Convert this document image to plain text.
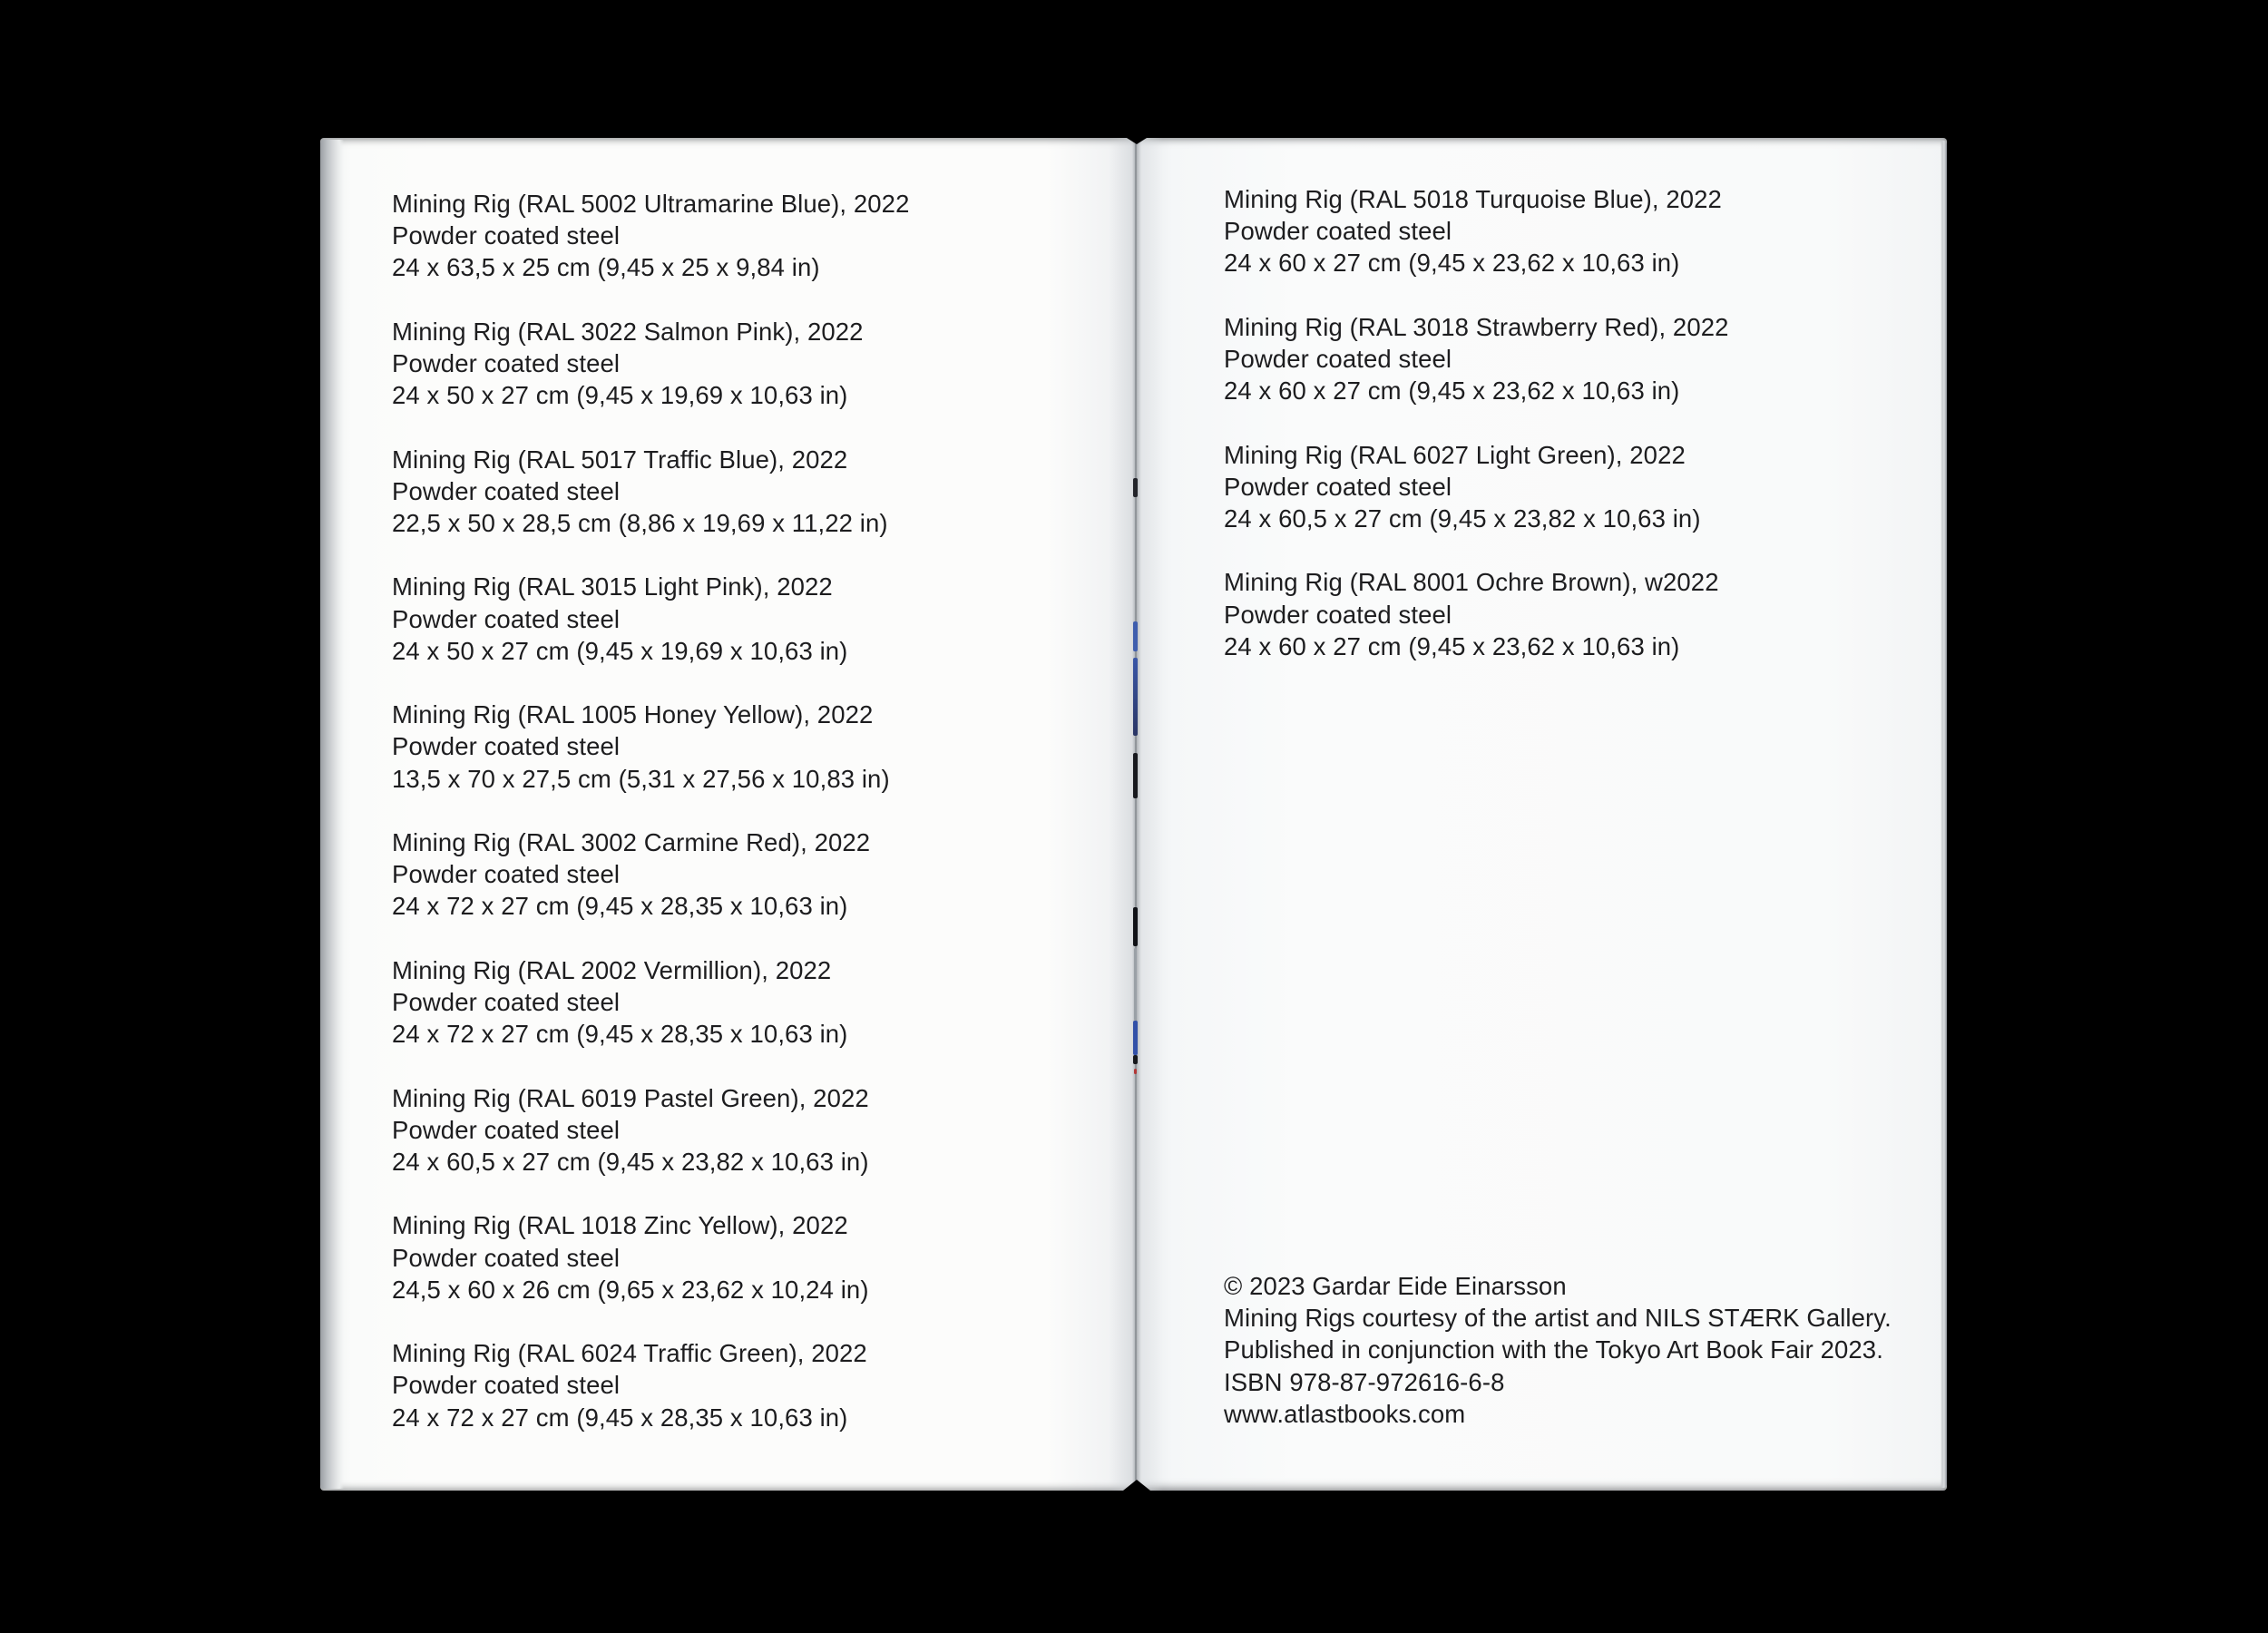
Mining Rig (RAL 5002 Ultramarine Blue), 2022
Powder coated steel
24 x 63,5 x 25 cm (9,45 x 25 x 9,84 in)
Mining Rig (RAL 3022 Salmon Pink), 2022
Powder coated steel
24 x 50 x 27 cm (9,45 x 19,69 x 10,63 in)
Mining Rig (RAL 5017 Traffic Blue), 2022
Powder coated steel
22,5 x 50 x 28,5 cm (8,86 x 19,69 x 11,22 in)
Mining Rig (RAL 3015 Light Pink), 2022
Powder coated steel
24 x 50 x 27 cm (9,45 x 19,69 x 10,63 in)
Mining Rig (RAL 1005 Honey Yellow), 2022
Powder coated steel
13,5 x 70 x 27,5 cm (5,31 x 27,56 x 10,83 in)
Mining Rig (RAL 3002 Carmine Red), 2022
Powder coated steel
24 x 72 x 27 cm (9,45 x 28,35 x 10,63 in)
Mining Rig (RAL 2002 Vermillion), 2022
Powder coated steel
24 x 72 x 27 cm (9,45 x 28,35 x 10,63 in)
Mining Rig (RAL 6019 Pastel Green), 2022
Powder coated steel
24 x 60,5 x 27 cm (9,45 x 23,82 x 10,63 in)
Mining Rig (RAL 1018 Zinc Yellow), 2022
Powder coated steel
24,5 x 60 x 26 cm (9,65 x 23,62 x 10,24 in)
Mining Rig (RAL 6024 Traffic Green), 2022
Powder coated steel
24 x 72 x 27 cm (9,45 x 28,35 x 10,63 in)
Mining Rig (RAL 5018 Turquoise Blue), 2022
Powder coated steel
24 x 60 x 27 cm (9,45 x 23,62 x 10,63 in)
Mining Rig (RAL 3018 Strawberry Red), 2022
Powder coated steel
24 x 60 x 27 cm (9,45 x 23,62 x 10,63 in)
Mining Rig (RAL 6027 Light Green), 2022
Powder coated steel
24 x 60,5 x 27 cm (9,45 x 23,82 x 10,63 in)
Mining Rig (RAL 8001 Ochre Brown), w2022
Powder coated steel
24 x 60 x 27 cm (9,45 x 23,62 x 10,63 in)
© 2023 Gardar Eide Einarsson
Mining Rigs courtesy of the artist and NILS STÆRK Gallery.
Published in conjunction with the Tokyo Art Book Fair 2023.
ISBN 978-87-972616-6-8
www.atlastbooks.com
